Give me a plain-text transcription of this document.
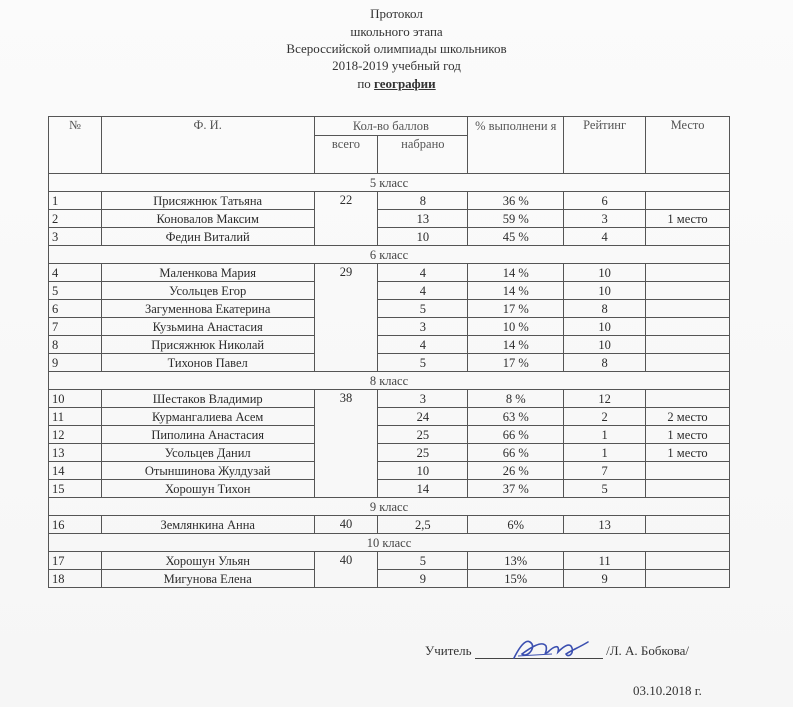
Протокол
школьного этапа
Всероссийской олимпиады школьников
2018-2019 учебный год
по географии
№	Ф. И.	Кол-во баллов		% выполнени я	Рейтинг	Место
		всего	набрано			
5 класс						
1	Присяжнюк Татьяна	22	8	36 %	6	
2	Коновалов Максим		13	59 %	3	1 место
3	Федин Виталий		10	45 %	4	
6 класс						
4	Маленкова Мария	29	4	14 %	10	
5	Усольцев Егор		4	14 %	10	
6	Загуменнова Екатерина		5	17 %	8	
7	Кузьмина Анастасия		3	10 %	10	
8	Присяжнюк Николай		4	14 %	10	
9	Тихонов Павел		5	17 %	8	
8 класс						
10	Шестаков Владимир	38	3	8 %	12	
11	Курмангалиева Асем		24	63 %	2	2 место
12	Пиполина Анастасия		25	66 %	1	1 место
13	Усольцев Данил		25	66 %	1	1 место
14	Отыншинова Жулдузай		10	26 %	7	
15	Хорошун Тихон		14	37 %	5	
9 класс						
16	Землянкина Анна	40	2,5	6%	13	
10 класс						
17	Хорошун Ульян	40	5	13%	11	
18	Мигунова Елена		9	15%	9	
Учитель	/Л. А. Бобкова/
03.10.2018 г.
